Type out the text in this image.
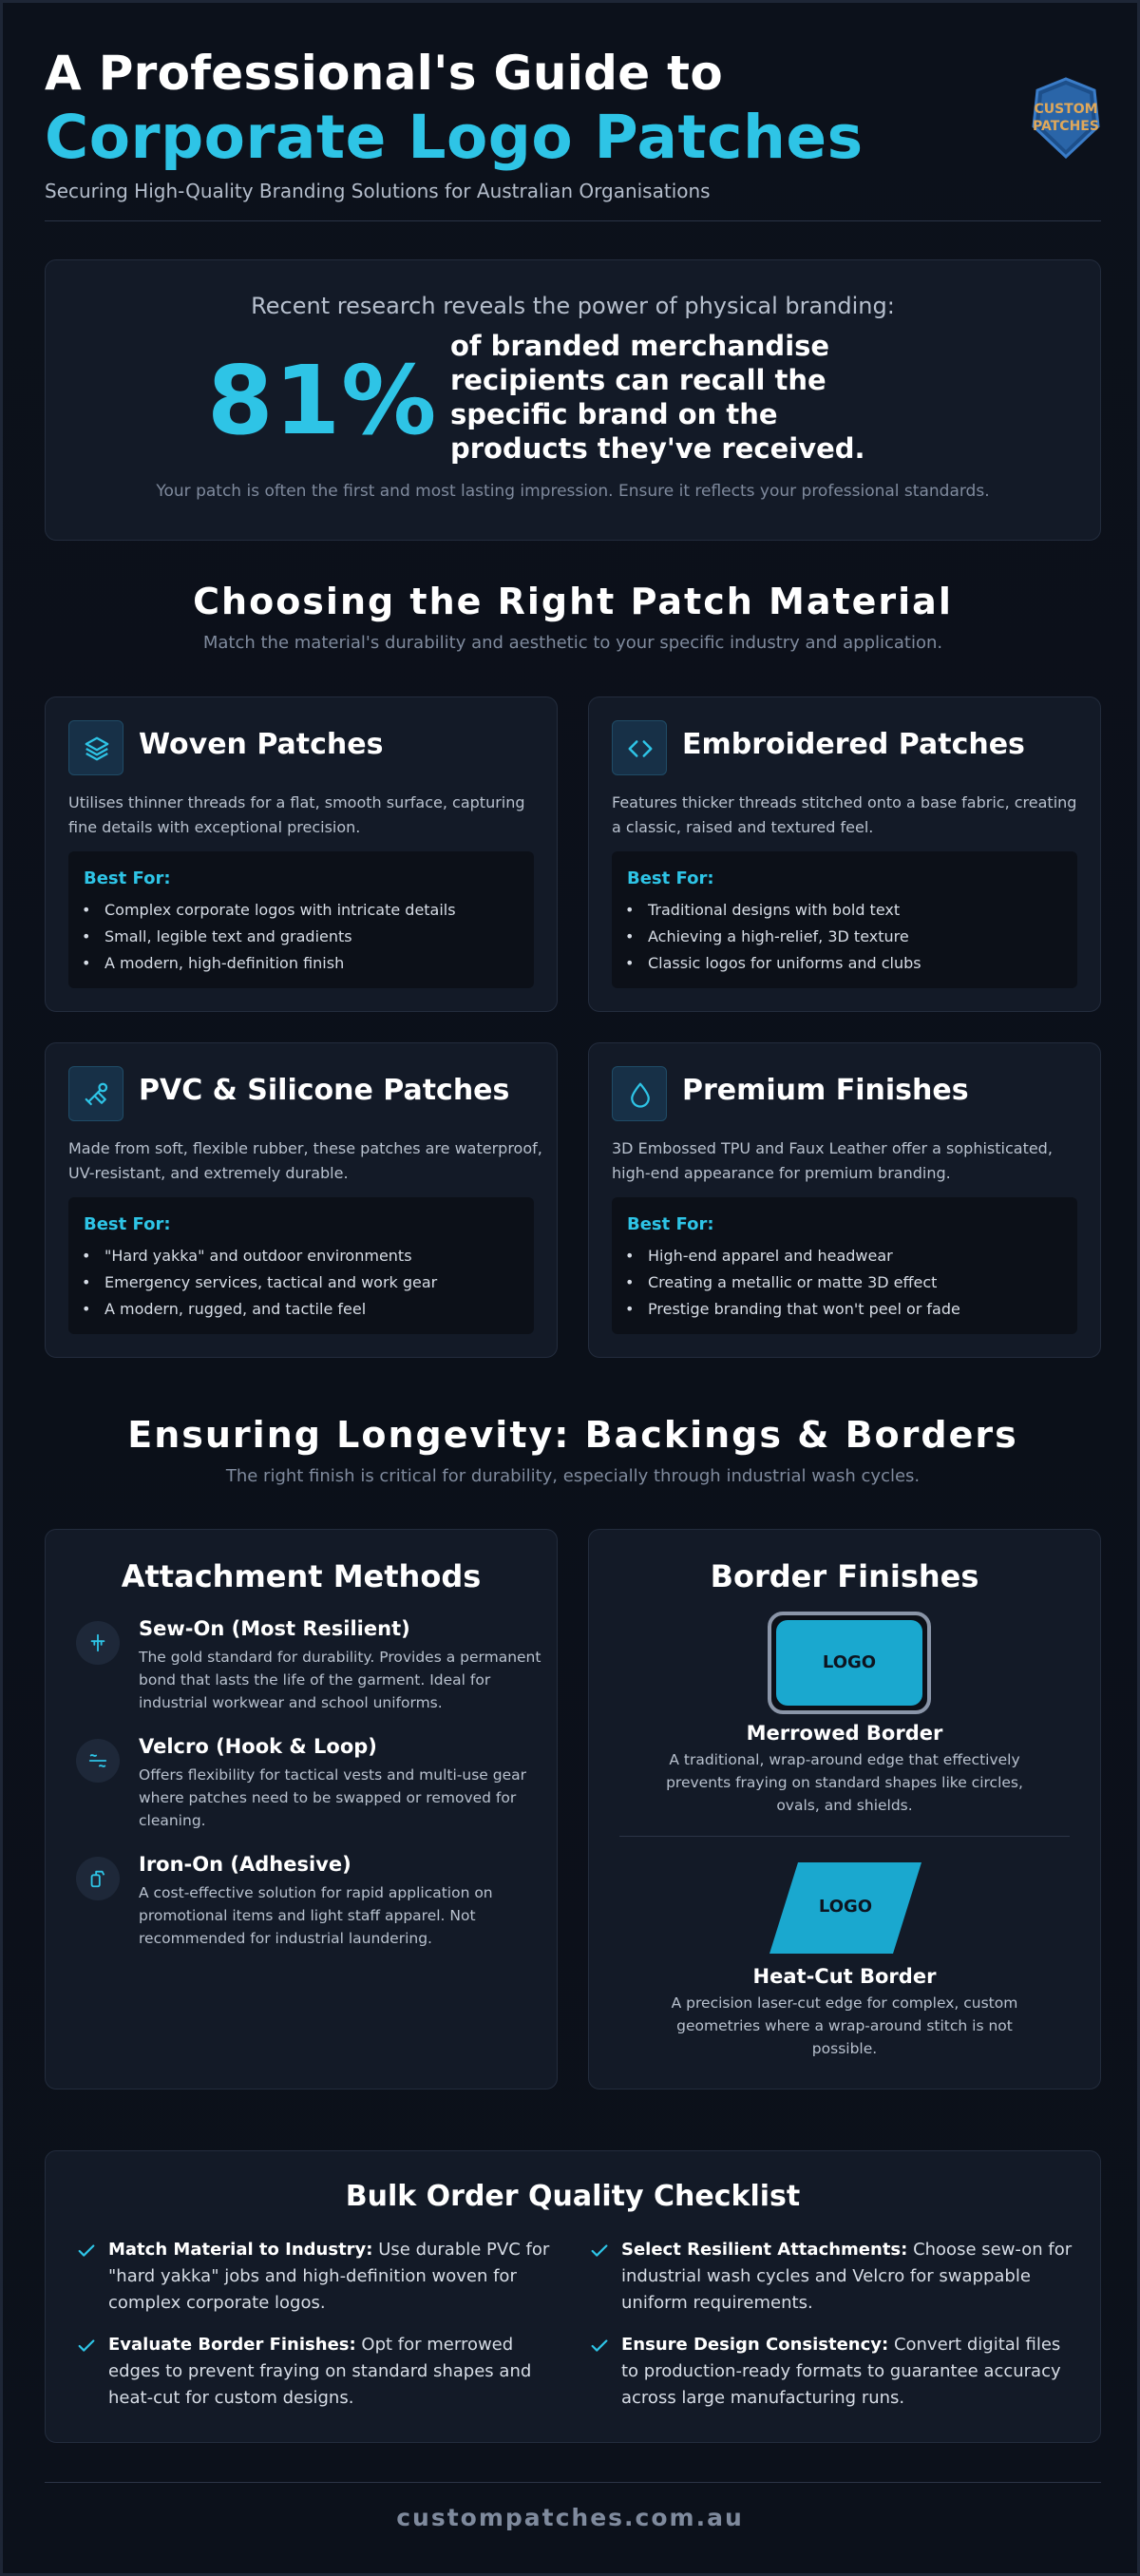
A Professional's Guide to
Corporate Logo Patches
Securing High-Quality Branding Solutions for Australian Organisations
CUSTOM
PATCHES
Recent research reveals the power of physical branding:
81% of branded merchandise recipients can recall the specific brand on the products they've received.
Your patch is often the first and most lasting impression. Ensure it reflects your professional standards.
Choosing the Right Patch Material
Match the material's durability and aesthetic to your specific industry and application.
Woven Patches
Utilises thinner threads for a flat, smooth surface, capturing fine details with exceptional precision.
Best For:
• Complex corporate logos with intricate details
• Small, legible text and gradients
• A modern, high-definition finish
Embroidered Patches
Features thicker threads stitched onto a base fabric, creating a classic, raised and textured feel.
Best For:
• Traditional designs with bold text
• Achieving a high-relief, 3D texture
• Classic logos for uniforms and clubs
PVC & Silicone Patches
Made from soft, flexible rubber, these patches are waterproof, UV-resistant, and extremely durable.
Best For:
• "Hard yakka" and outdoor environments
• Emergency services, tactical and work gear
• A modern, rugged, and tactile feel
Premium Finishes
3D Embossed TPU and Faux Leather offer a sophisticated, high-end appearance for premium branding.
Best For:
• High-end apparel and headwear
• Creating a metallic or matte 3D effect
• Prestige branding that won't peel or fade
Ensuring Longevity: Backings & Borders
The right finish is critical for durability, especially through industrial wash cycles.
Attachment Methods
Sew-On (Most Resilient)
The gold standard for durability. Provides a permanent bond that lasts the life of the garment. Ideal for industrial workwear and school uniforms.
Velcro (Hook & Loop)
Offers flexibility for tactical vests and multi-use gear where patches need to be swapped or removed for cleaning.
Iron-On (Adhesive)
A cost-effective solution for rapid application on promotional items and light staff apparel. Not recommended for industrial laundering.
Border Finishes
LOGO
Merrowed Border
A traditional, wrap-around edge that effectively prevents fraying on standard shapes like circles, ovals, and shields.
LOGO
Heat-Cut Border
A precision laser-cut edge for complex, custom geometries where a wrap-around stitch is not possible.
Bulk Order Quality Checklist
Match Material to Industry: Use durable PVC for "hard yakka" jobs and high-definition woven for complex corporate logos.
Select Resilient Attachments: Choose sew-on for industrial wash cycles and Velcro for swappable uniform requirements.
Evaluate Border Finishes: Opt for merrowed edges to prevent fraying on standard shapes and heat-cut for custom designs.
Ensure Design Consistency: Convert digital files to production-ready formats to guarantee accuracy across large manufacturing runs.
custompatches.com.au
